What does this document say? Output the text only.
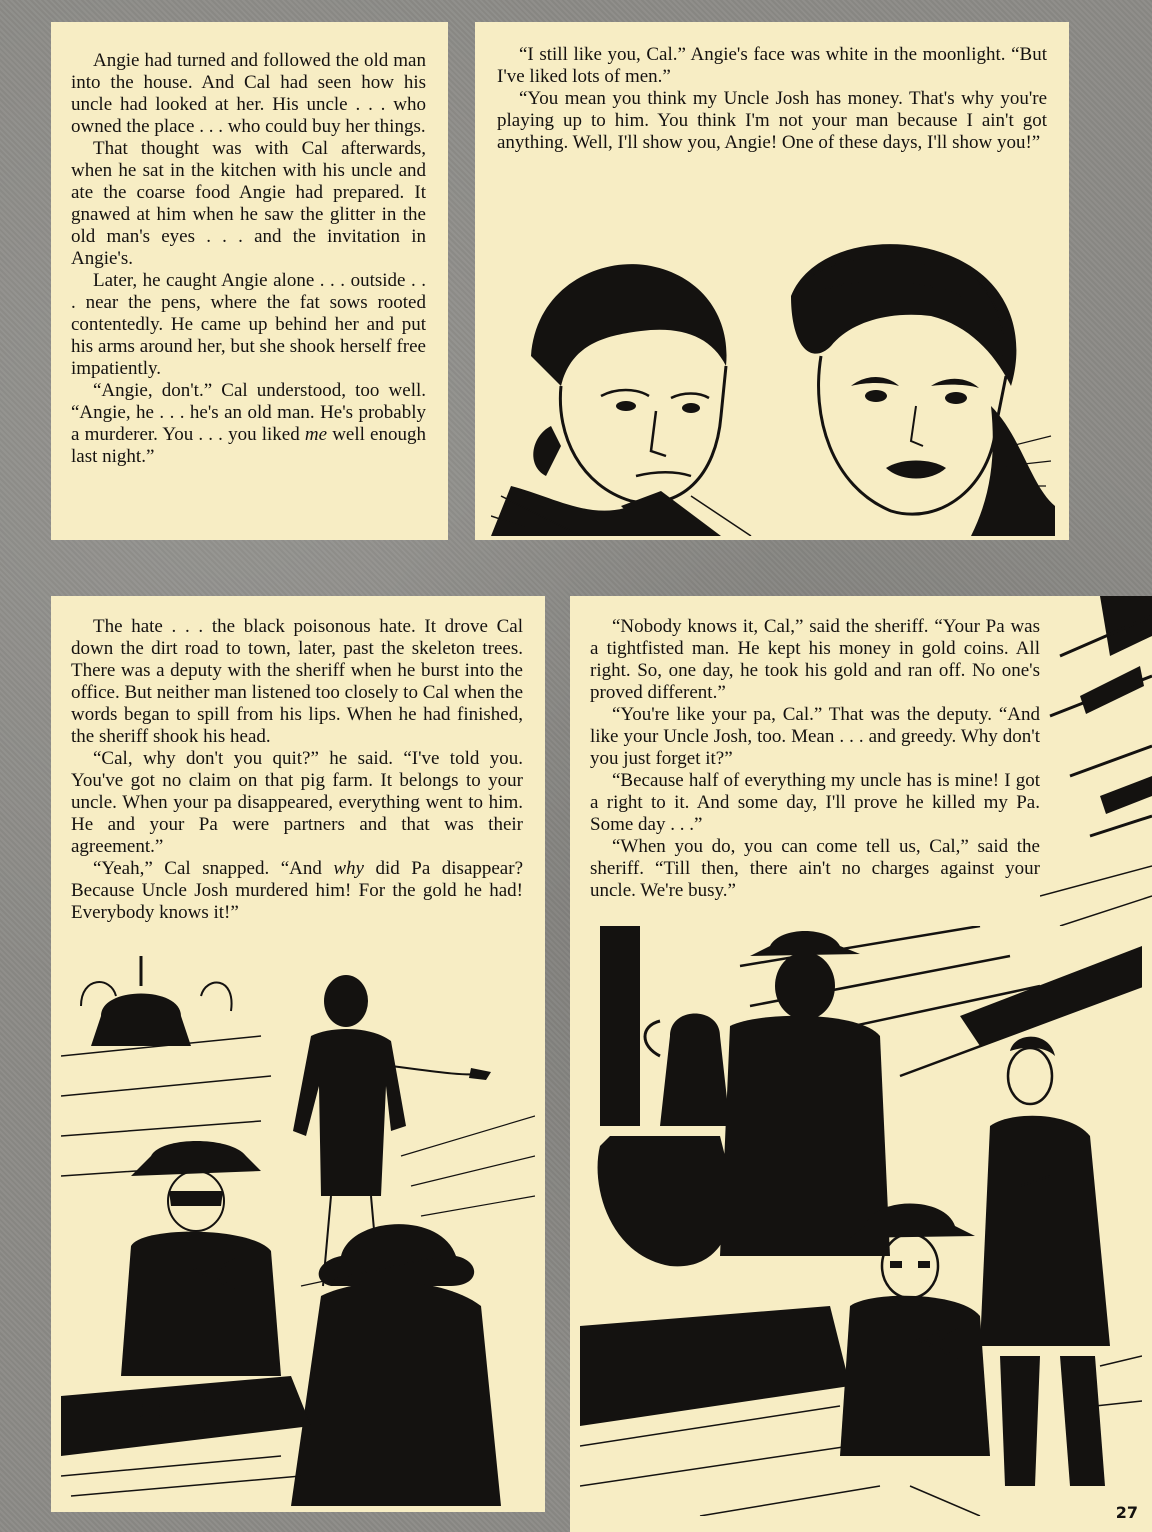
Angie had turned and followed the old man into the house. And Cal had seen how his uncle had looked at her. His uncle . . . who owned the place . . . who could buy her things.

That thought was with Cal afterwards, when he sat in the kitchen with his uncle and ate the coarse food Angie had prepared. It gnawed at him when he saw the glitter in the old man's eyes . . . and the invitation in Angie's.

Later, he caught Angie alone . . . outside . . . near the pens, where the fat sows rooted contentedly. He came up behind her and put his arms around her, but she shook herself free impatiently.

“Angie, don't.” Cal understood, too well. “Angie, he . . . he's an old man. He's probably a murderer. You . . . you liked me well enough last night.”

“I still like you, Cal.” Angie's face was white in the moonlight. “But I've liked lots of men.”

“You mean you think my Uncle Josh has money. That's why you're playing up to him. You think I'm not your man because I ain't got anything. Well, I'll show you, Angie! One of these days, I'll show you!”

The hate . . . the black poisonous hate. It drove Cal down the dirt road to town, later, past the skeleton trees. There was a deputy with the sheriff when he burst into the office. But neither man listened too closely to Cal when the words began to spill from his lips. When he had finished, the sheriff shook his head.

“Cal, why don't you quit?” he said. “I've told you. You've got no claim on that pig farm. It belongs to your uncle. When your pa disappeared, everything went to him. He and your Pa were partners and that was their agreement.”

“Yeah,” Cal snapped. “And why did Pa disappear? Because Uncle Josh murdered him! For the gold he had! Everybody knows it!”

“Nobody knows it, Cal,” said the sheriff. “Your Pa was a tightfisted man. He kept his money in gold coins. All right. So, one day, he took his gold and ran off. No one's proved different.”

“You're like your pa, Cal.” That was the deputy. “And like your Uncle Josh, too. Mean . . . and greedy. Why don't you just forget it?”

“Because half of everything my uncle has is mine! I got a right to it. And some day, I'll prove he killed my Pa. Some day . . .”

“When you do, you can come tell us, Cal,” said the sheriff. “Till then, there ain't no charges against your uncle. We're busy.”

27
